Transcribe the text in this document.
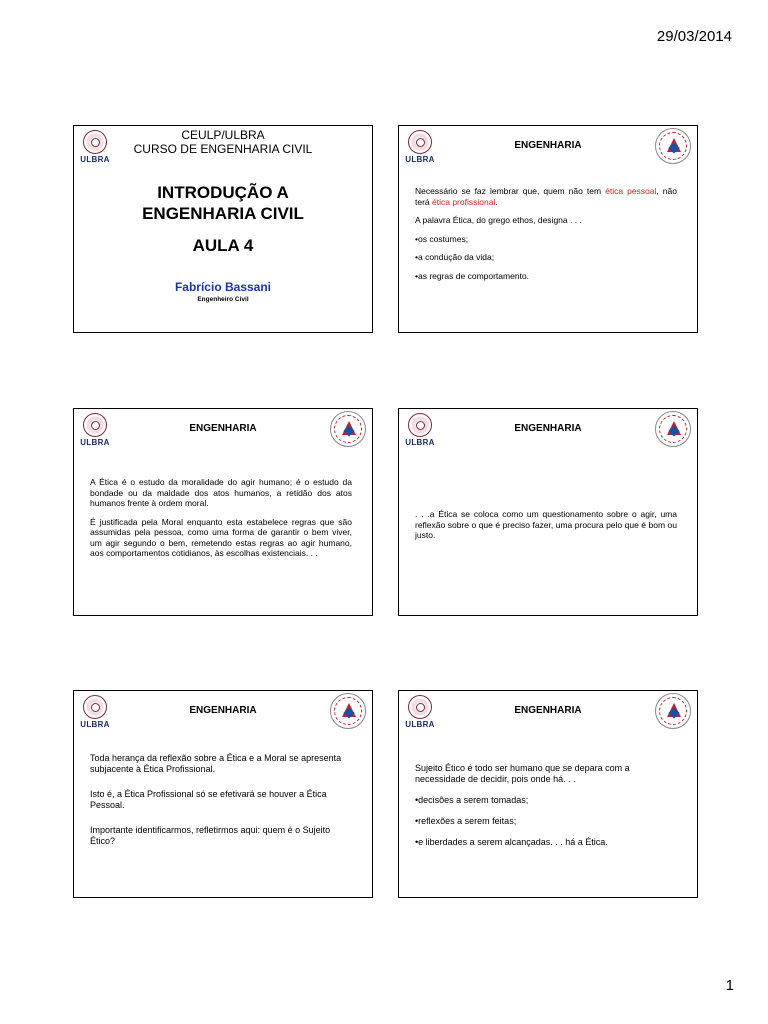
29/03/2014
ULBRA
CEULP/ULBRA
CURSO DE ENGENHARIA CIVIL
INTRODUÇÃO A
ENGENHARIA CIVIL
AULA 4
Fabrício Bassani
Engenheiro Civil
ULBRA
ENGENHARIA

Necessário se faz lembrar que, quem não tem ética pessoal, não terá ética profissional.

A palavra Ética, do grego ethos, designa . . .

•os costumes;

•a condução da vida;

•as regras de comportamento.

ULBRA
ENGENHARIA

A Ética é o estudo da moralidade do agir humano; é o estudo da bondade ou da maldade dos atos humanos, a retidão dos atos humanos frente à ordem moral.

É justificada pela Moral enquanto esta estabelece regras que são assumidas pela pessoa, como uma forma de garantir o bem viver, um agir segundo o bem, remetendo estas regras ao agir humano, aos comportamentos cotidianos, às escolhas existenciais. . .

ULBRA
ENGENHARIA

. . .a Ética se coloca como um questionamento sobre o agir, uma reflexão sobre o que é preciso fazer, uma procura pelo que é bom ou justo.

ULBRA
ENGENHARIA

Toda herança da reflexão sobre a Ética e a Moral se apresenta subjacente à Ética Profissional.

Isto é, a Ética Profissional só se efetivará se houver a Ética Pessoal.

Importante identificarmos, refletirmos aqui: quem é o Sujeito Ético?

ULBRA
ENGENHARIA

Sujeito Ético é todo ser humano que se depara com a necessidade de decidir, pois onde há. . .

•decisões a serem tomadas;

•reflexões a serem feitas;

•e liberdades a serem alcançadas. . . há a Ética.

1
